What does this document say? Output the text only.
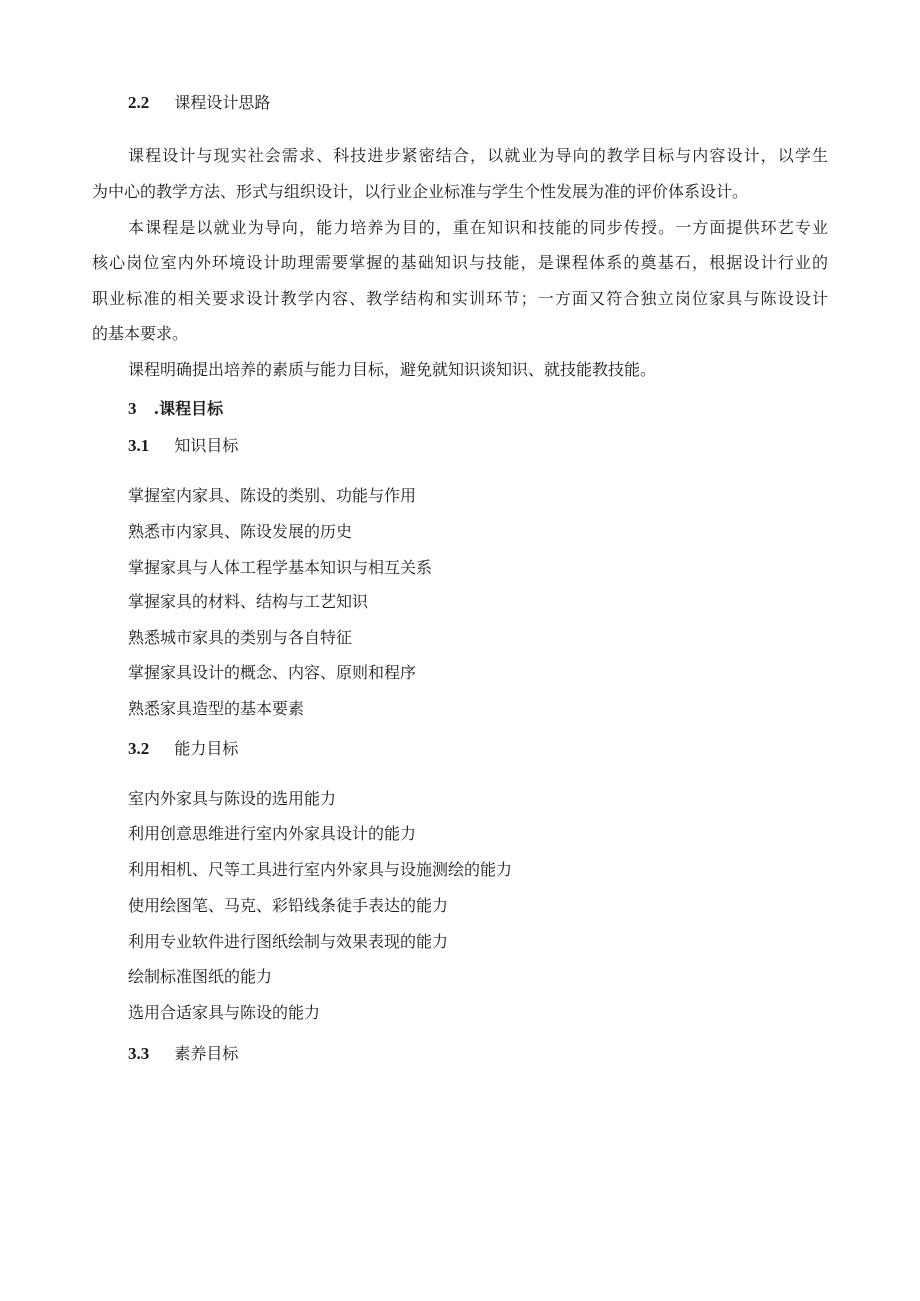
2.2 课程设计思路
课程设计与现实社会需求、科技进步紧密结合，以就业为导向的教学目标与内容设计，以学生
为中心的教学方法、形式与组织设计，以行业企业标准与学生个性发展为准的评价体系设计。
本课程是以就业为导向，能力培养为目的，重在知识和技能的同步传授。一方面提供环艺专业
核心岗位室内外环境设计助理需要掌握的基础知识与技能，是课程体系的奠基石，根据设计行业的
职业标准的相关要求设计教学内容、教学结构和实训环节；一方面又符合独立岗位家具与陈设设计
的基本要求。
课程明确提出培养的素质与能力目标，避免就知识谈知识、就技能教技能。
3 .课程目标
3.1 知识目标
掌握室内家具、陈设的类别、功能与作用
熟悉市内家具、陈设发展的历史
掌握家具与人体工程学基本知识与相互关系
掌握家具的材料、结构与工艺知识
熟悉城市家具的类别与各自特征
掌握家具设计的概念、内容、原则和程序
熟悉家具造型的基本要素
3.2 能力目标
室内外家具与陈设的选用能力
利用创意思维进行室内外家具设计的能力
利用相机、尺等工具进行室内外家具与设施测绘的能力
使用绘图笔、马克、彩铅线条徒手表达的能力
利用专业软件进行图纸绘制与效果表现的能力
绘制标准图纸的能力
选用合适家具与陈设的能力
3.3 素养目标
